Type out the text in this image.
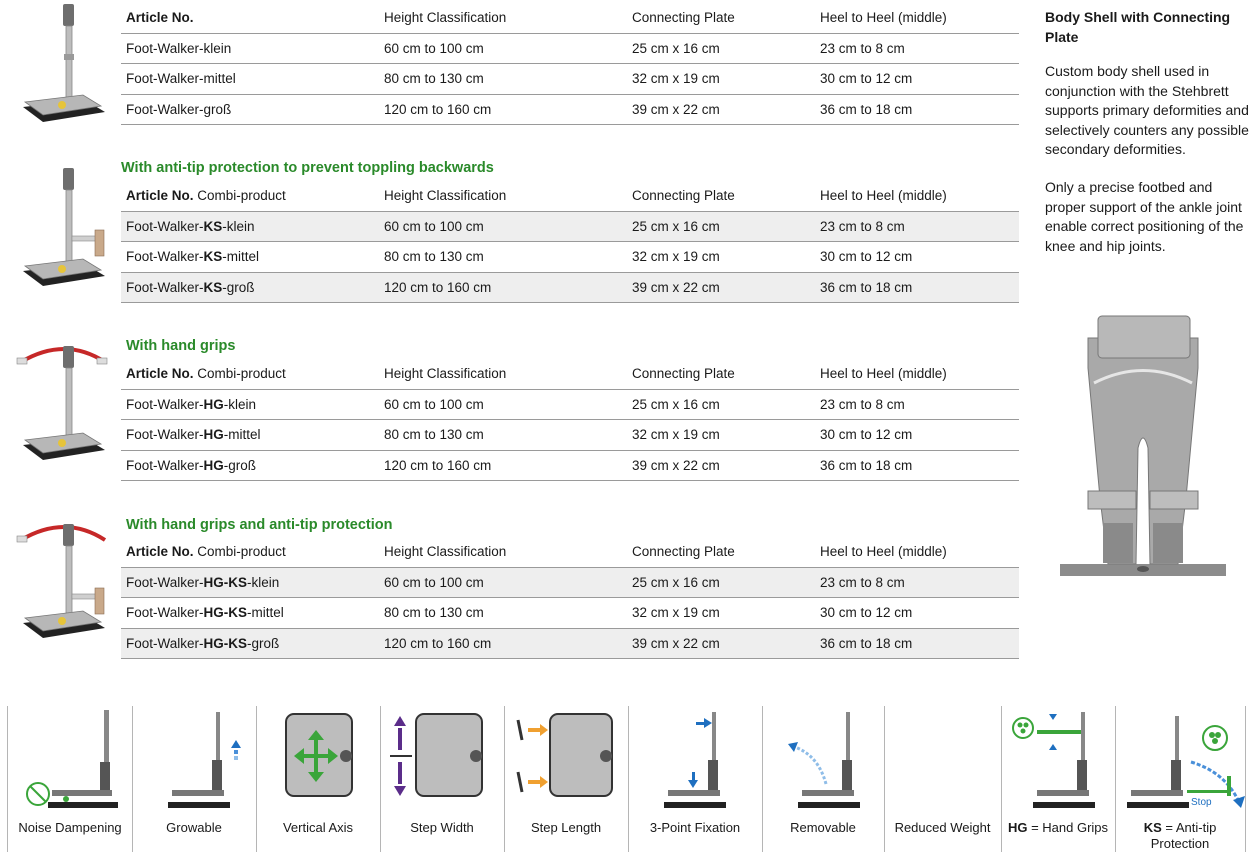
With anti-tip protection to prevent toppling backwards

With hand grips

With hand grips and anti-tip protection

Article No.	Height Classification	Connecting Plate	Heel to Heel (middle)
Foot-Walker-klein	60 cm to 100 cm	25 cm x 16 cm	23 cm to 8 cm
Foot-Walker-mittel	80 cm to 130 cm	32 cm x 19 cm	30 cm to 12 cm
Foot-Walker-groß	120 cm to 160 cm	39 cm x 22 cm	36 cm to 18 cm
Article No. Combi-product	Height Classification	Connecting Plate	Heel to Heel (middle)
Foot-Walker-KS-klein	60 cm to 100 cm	25 cm x 16 cm	23 cm to 8 cm
Foot-Walker-KS-mittel	80 cm to 130 cm	32 cm x 19 cm	30 cm to 12 cm
Foot-Walker-KS-groß	120 cm to 160 cm	39 cm x 22 cm	36 cm to 18 cm
Article No. Combi-product	Height Classification	Connecting Plate	Heel to Heel (middle)
Foot-Walker-HG-klein	60 cm to 100 cm	25 cm x 16 cm	23 cm to 8 cm
Foot-Walker-HG-mittel	80 cm to 130 cm	32 cm x 19 cm	30 cm to 12 cm
Foot-Walker-HG-groß	120 cm to 160 cm	39 cm x 22 cm	36 cm to 18 cm
Article No. Combi-product	Height Classification	Connecting Plate	Heel to Heel (middle)
Foot-Walker-HG-KS-klein	60 cm to 100 cm	25 cm x 16 cm	23 cm to 8 cm
Foot-Walker-HG-KS-mittel	80 cm to 130 cm	32 cm x 19 cm	30 cm to 12 cm
Foot-Walker-HG-KS-groß	120 cm to 160 cm	39 cm x 22 cm	36 cm to 18 cm

Body Shell with Connecting Plate

Custom body shell used in conjunction with the Stehbrett supports primary deformities and selectively counters any possible secondary deformities.

Only a precise footbed and proper support of the ankle joint enable correct positioning of the knee and hip joints.

Noise Dampening	Growable	Vertical Axis	Step Width	Step Length	3-Point Fixation	Removable	Reduced Weight	HG = Hand Grips
Stop
KS = Anti-tip Protection
